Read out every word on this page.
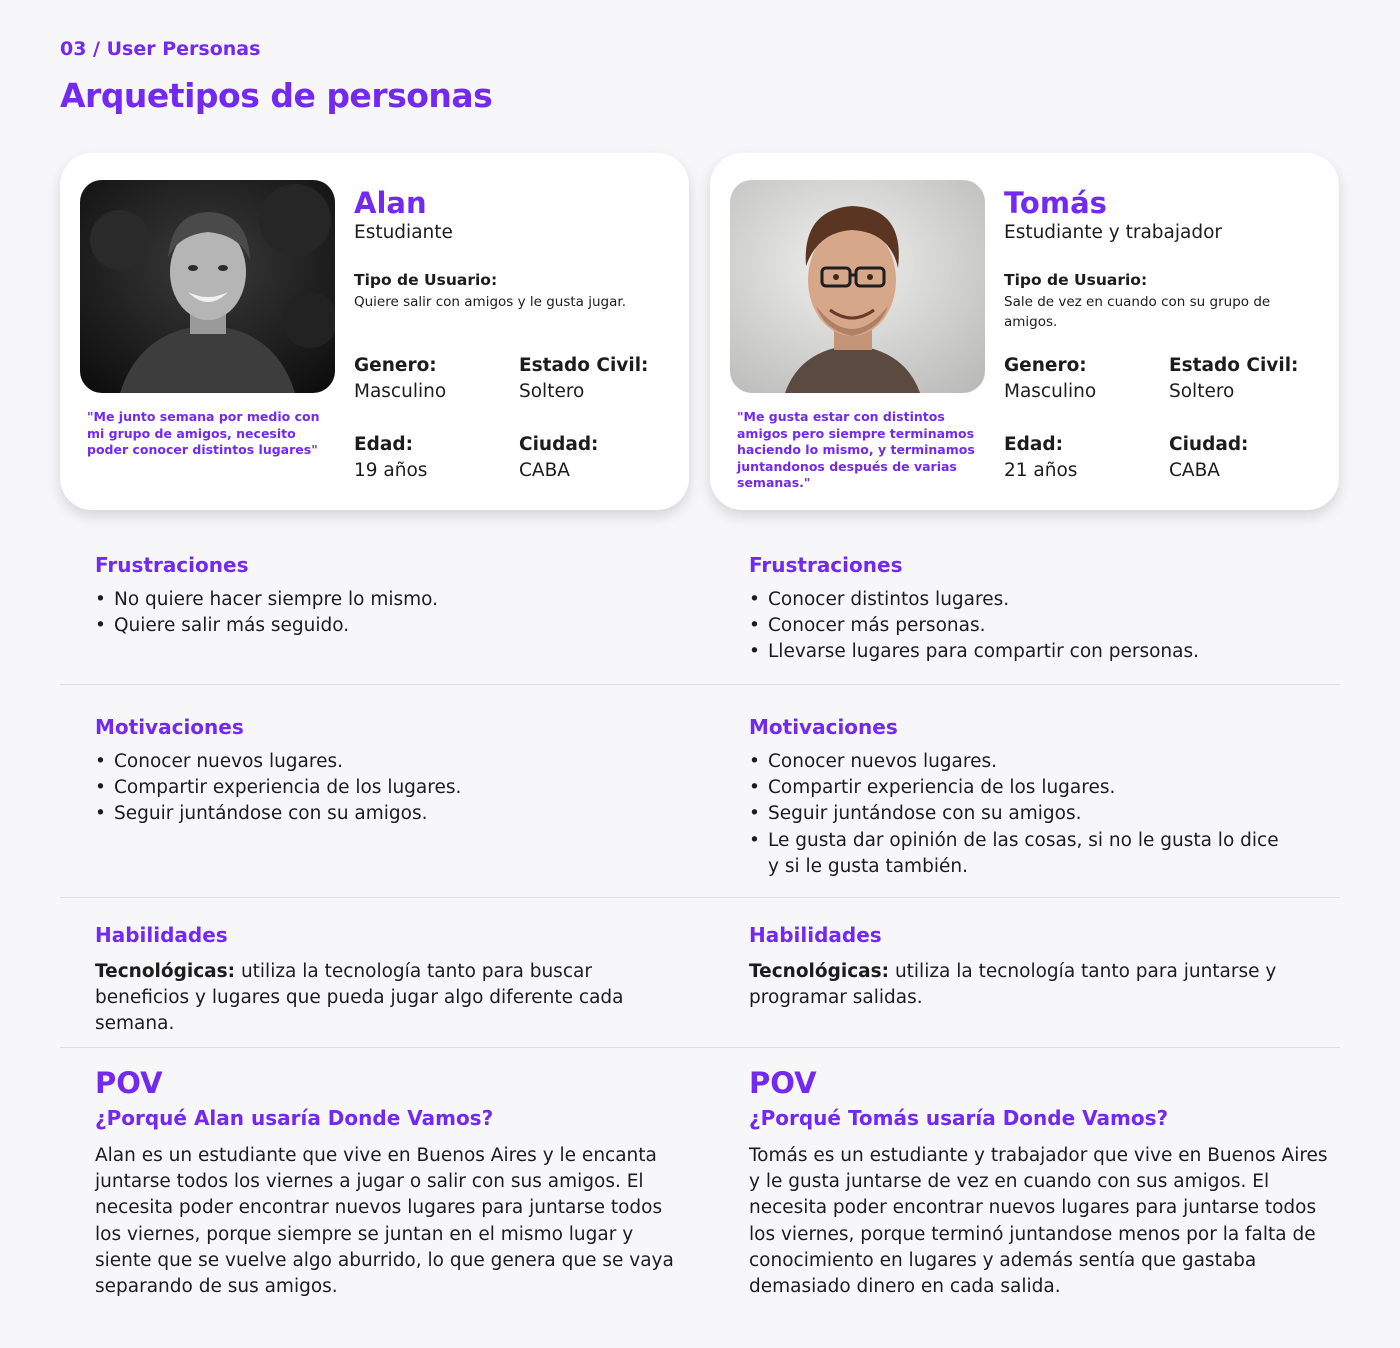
03 / User Personas
Arquetipos de personas
"Me junto semana por medio con mi grupo de amigos, necesito poder conocer distintos lugares"
Alan
Estudiante
Tipo de Usuario:
Quiere salir con amigos y le gusta jugar.
Genero:
Masculino
Estado Civil:
Soltero
Edad:
19 años
Ciudad:
CABA
"Me gusta estar con distintos amigos pero siempre terminamos haciendo lo mismo, y terminamos juntandonos después de varias semanas."
Tomás
Estudiante y trabajador
Tipo de Usuario:
Sale de vez en cuando con su grupo de amigos.
Genero:
Masculino
Estado Civil:
Soltero
Edad:
21 años
Ciudad:
CABA
Frustraciones
• No quiere hacer siempre lo mismo.
• Quiere salir más seguido.
Frustraciones
• Conocer distintos lugares.
• Conocer más personas.
• Llevarse lugares para compartir con personas.
Motivaciones
• Conocer nuevos lugares.
• Compartir experiencia de los lugares.
• Seguir juntándose con su amigos.
Motivaciones
• Conocer nuevos lugares.
• Compartir experiencia de los lugares.
• Seguir juntándose con su amigos.
• Le gusta dar opinión de las cosas, si no le gusta lo dice y si le gusta también.
Habilidades
Tecnológicas: utiliza la tecnología tanto para buscar beneficios y lugares que pueda jugar algo diferente cada semana.
Habilidades
Tecnológicas: utiliza la tecnología tanto para juntarse y programar salidas.
POV
¿Porqué Alan usaría Donde Vamos?
Alan es un estudiante que vive en Buenos Aires y le encanta juntarse todos los viernes a jugar o salir con sus amigos. El necesita poder encontrar nuevos lugares para juntarse todos los viernes, porque siempre se juntan en el mismo lugar y siente que se vuelve algo aburrido, lo que genera que se vaya separando de sus amigos.
POV
¿Porqué Tomás usaría Donde Vamos?
Tomás es un estudiante y trabajador que vive en Buenos Aires y le gusta juntarse de vez en cuando con sus amigos. El necesita poder encontrar nuevos lugares para juntarse todos los viernes, porque terminó juntandose menos por la falta de conocimiento en lugares y además sentía que gastaba demasiado dinero en cada salida.
